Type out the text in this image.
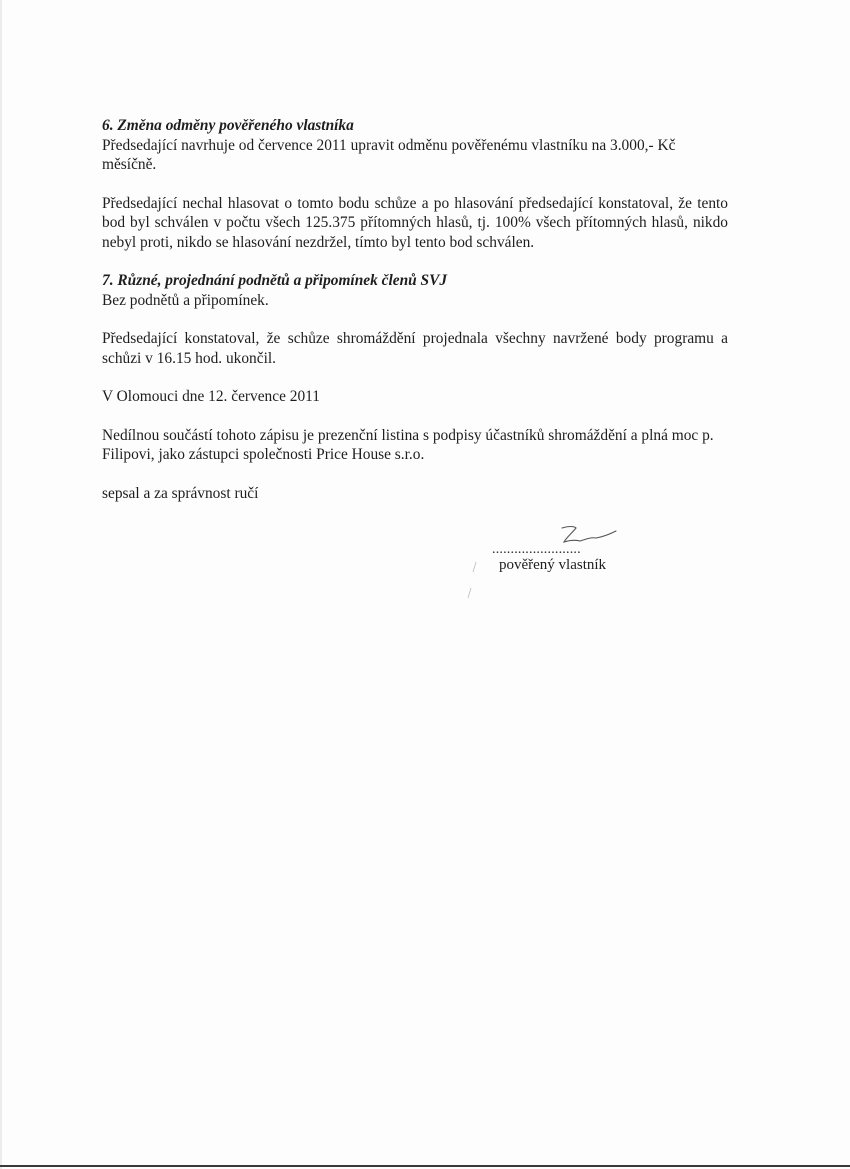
6. Změna odměny pověřeného vlastníka

Předsedající navrhuje od července 2011 upravit odměnu pověřenému vlastníku na 3.000,- Kč měsíčně.

Předsedající nechal hlasovat o tomto bodu schůze a po hlasování předsedající konstatoval, že tento bod byl schválen v počtu všech 125.375 přítomných hlasů, tj. 100% všech přítomných hlasů, nikdo nebyl proti, nikdo se hlasování nezdržel, tímto byl tento bod schválen.

7. Různé, projednání podnětů a připomínek členů SVJ

Bez podnětů a připomínek.

Předsedající konstatoval, že schůze shromáždění projednala všechny navržené body programu a schůzi v 16.15 hod. ukončil.

V Olomouci dne 12. července 2011

Nedílnou součástí tohoto zápisu je prezenční listina s podpisy účastníků shromáždění a plná moc p. Filipovi, jako zástupci společnosti Price House s.r.o.

sepsal a za správnost ručí

........................
pověřený vlastník
